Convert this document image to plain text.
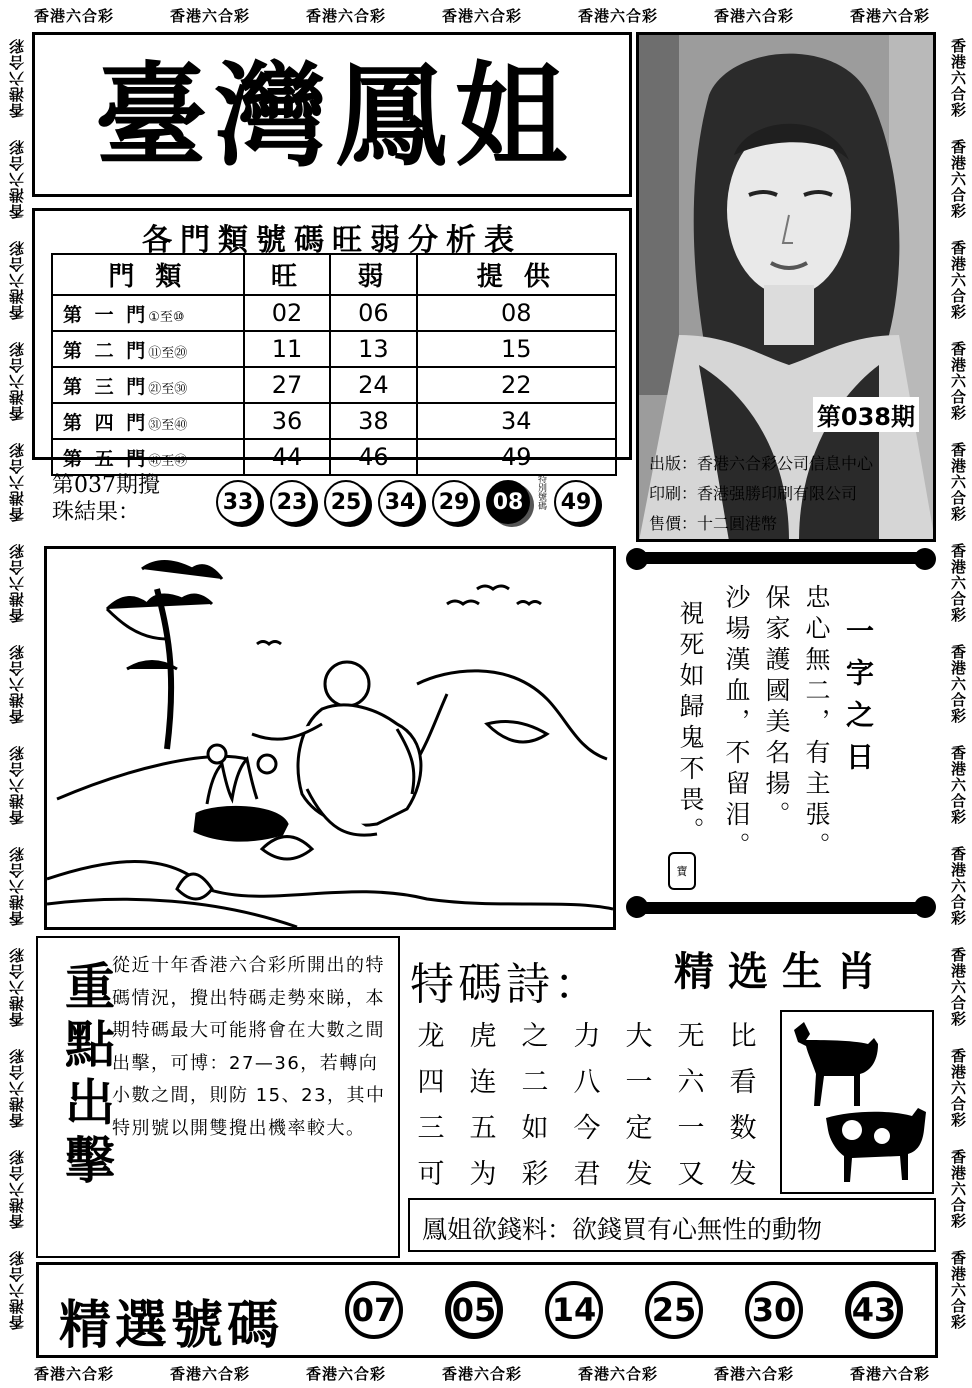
香港六合彩	香港六合彩	香港六合彩	香港六合彩	香港六合彩	香港六合彩	香港六合彩
香港六合彩	香港六合彩	香港六合彩	香港六合彩	香港六合彩	香港六合彩	香港六合彩
香港六合彩
香港六合彩
香港六合彩
香港六合彩
香港六合彩
香港六合彩
香港六合彩
香港六合彩
香港六合彩
香港六合彩
香港六合彩
香港六合彩
香港六合彩
香港六合彩
香港六合彩
香港六合彩
香港六合彩
香港六合彩
香港六合彩
香港六合彩
香港六合彩
香港六合彩
香港六合彩
香港六合彩
香港六合彩
香港六合彩
臺灣鳳姐
第038期
出版：香港六合彩公司信息中心
印刷：香港强勝印刷有限公司
售價：十二圓港幣
各門類號碼旺弱分析表
門 類	旺	弱	提 供
第 一 門①至⑩	02	06	08
第 二 門⑪至⑳	11	13	15
第 三 門㉑至㉚	27	24	22
第 四 門㉛至㊵	36	38	34
第 五 門㊶至㊾	44	46	49
第037期攪
珠結果：	33	23	25	34	29	08	特別號碼 49
一字之日
忠心無二，有主張。
保家護國美名揚。
沙場漢血，不留泪。
視死如歸鬼不畏。
寶
重點出擊
從近十年香港六合彩所開出的特碼情況，攪出特碼走勢來睇，本期特碼最大可能將會在大數之間出擊，可博：27—36，若轉向小數之間，則防 15、23，其中特別號以開雙攪出機率較大。
特碼詩： 精选生肖
龙 虎 之 力 大 无 比
四 连 二 八 一 六 看
三 五 如 今 定 一 数
可 为 彩 君 发 又 发
鳳姐欲錢料：欲錢買有心無性的動物
精選號碼 07 05 14 25 30 43
